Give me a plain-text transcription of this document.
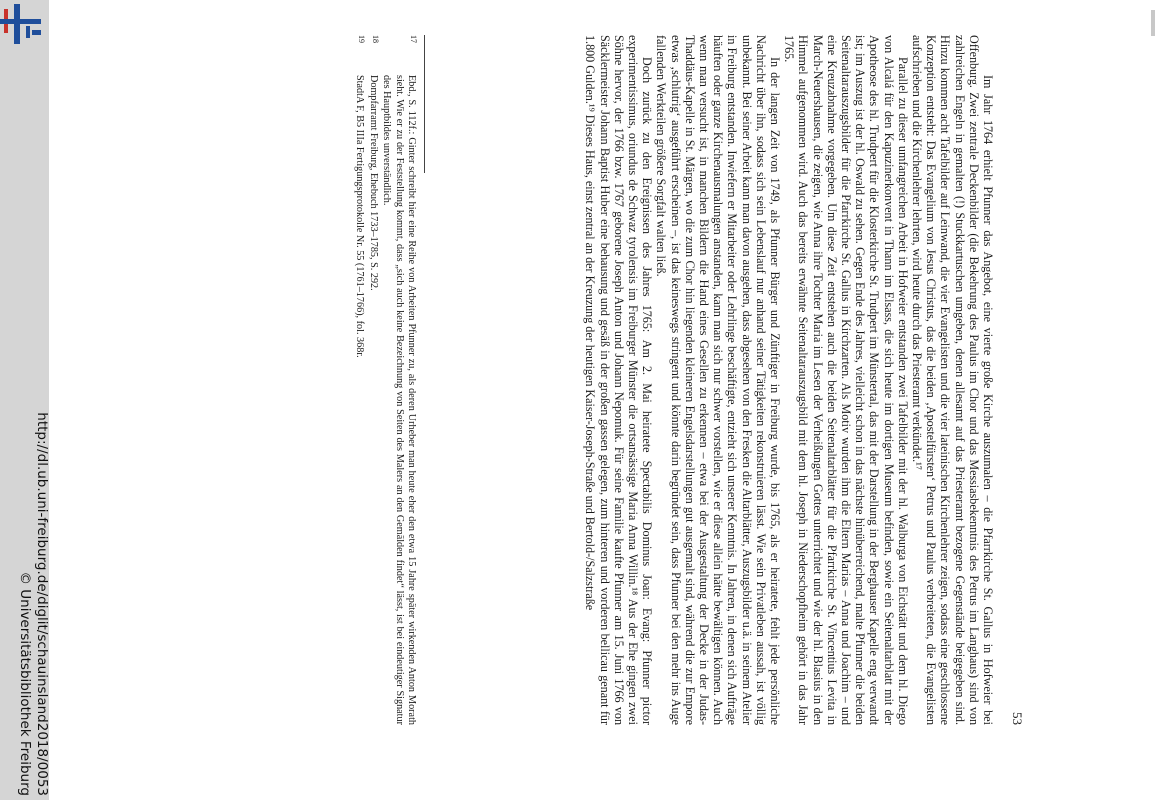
http://dl.ub.uni-freiburg.de/diglit/schauinsland2018/0053
© Universitätsbibliothek Freiburg	53

Im Jahr 1764 erhielt Pfunner das Angebot, eine vierte große Kirche auszumalen – die Pfarrkirche St. Gallus in Hofweier bei Offenburg. Zwei zentrale Deckenbilder (die Bekehrung des Paulus im Chor und das Messiasbekenntnis des Petrus im Langhaus) sind von zahlreichen Engeln in gemalten (!) Stuckkartuschen umgeben, denen allesamt auf das Priesteramt bezogene Gegenstände beigegeben sind. Hinzu kommen acht Tafelbilder auf Leinwand, die vier Evangelisten und die vier lateinischen Kirchenlehrer zeigen, sodass eine geschlossene Konzeption entsteht: Das Evangelium von Jesus Christus, das die beiden ‚Apostelfürsten‘ Petrus und Paulus verbreiteten, die Evangelisten aufschrieben und die Kirchenlehrer lehrten, wird heute durch das Priesteramt verkündet.¹⁷

Parallel zu dieser umfangreichen Arbeit in Hofweier entstanden zwei Tafelbilder mit der hl. Walburga von Eichstätt und dem hl. Diego von Alcalá für den Kapuzinerkonvent in Thann im Elsass, die sich heute im dortigen Museum befinden, sowie ein Seitenaltarblatt mit der Apotheose des hl. Trudpert für die Klosterkirche St. Trudpert im Münstertal, das mit der Darstellung in der Berghauser Kapelle eng verwandt ist; im Auszug ist der hl. Oswald zu sehen. Gegen Ende des Jahres, vielleicht schon in das nächste hinüberreichend, malte Pfunner die beiden Seitenaltarauszugsbilder für die Pfarrkirche St. Gallus in Kirchzarten. Als Motiv wurden ihm die Eltern Marias – Anna und Joachim – und eine Kreuzabnahme vorgegeben. Um diese Zeit entstehen auch die beiden Seitenaltarblätter für die Pfarrkirche St. Vincentius Levita in March-Neuershausen, die zeigen, wie Anna ihre Tochter Maria im Lesen der Verheißungen Gottes unterrichtet und wie der hl. Blasius in den Himmel aufgenommen wird. Auch das bereits erwähnte Seitenaltarauszugsbild mit dem hl. Joseph in Niederschopfheim gehört in das Jahr 1765.

In der langen Zeit von 1749, als Pfunner Bürger und Zünftiger in Freiburg wurde, bis 1765, als er heiratete, fehlt jede persönliche Nachricht über ihn, sodass sich sein Lebenslauf nur anhand seiner Tätigkeiten rekonstruieren lässt. Wie sein Privatleben aussah, ist völlig unbekannt. Bei seiner Arbeit kann man davon ausgehen, dass abgesehen von den Fresken die Altarblätter, Auszugsbilder u.ä. in seinem Atelier in Freiburg entstanden. Inwiefern er Mitarbeiter oder Lehrlinge beschäftigte, entzieht sich unserer Kenntnis. In Jahren, in denen sich Aufträge häuften oder ganze Kirchenausmalungen anstanden, kann man sich nur schwer vorstellen, wie er diese allein hätte bewältigen können. Auch wenn man versucht ist, in manchen Bildern die Hand eines Gesellen zu erkennen – etwa bei der Ausgestaltung der Decke in der Judas-Thaddäus-Kapelle in St. Märgen, wo die zum Chor hin liegenden kleineren Engelsdarstellungen gut ausgemalt sind, während die zur Empore etwas ‚schlutrig‘ ausgeführt erscheinen –, ist das keineswegs stringent und könnte darin begründet sein, dass Pfunner bei den mehr ins Auge fallenden Werkteilen größere Sorgfalt walten ließ.

Doch zurück zu den Ereignissen des Jahres 1765: Am 2. Mai heiratete Spectabilis Dominus Joan: Evang: Pfunner pictor experimentissimus, oriundus de Schwaz tyrolensis im Freiburger Münster die ortsansässige Maria Anna Willin.¹⁸ Aus der Ehe gingen zwei Söhne hervor, der 1766 bzw. 1767 geborene Joseph Anton und Johann Nepomuk. Für seine Familie kaufte Pfunner am 15. Juni 1766 von Säcklermeister Johann Baptist Huber eine behausung und gesäß in der großen gassen gelegen, zum hinteren und vorderen bellicau genant für 1.800 Gulden.¹⁹ Dieses Haus, einst zentral an der Kreuzung der heutigen Kaiser-Joseph-Straße und Bertold-/Salzstraße

17
Ebd., S. 112f.: Ginter schreibt hier eine Reihe von Arbeiten Pfunner zu, als deren Urheber man heute eher den etwa 15 Jahre später wirkenden Anton Morath sieht. Wie er zu der Feststellung kommt, dass „sich auch keine Bezeichnung von Seiten des Malers an den Gemälden findet“ lässt, ist bei eindeutiger Signatur des Hauptbildes unverständlich.
18
Dompfarramt Freiburg, Ehebuch 1733–1785, S. 292.
19
StadtA F, B5 IIIa Fertigungsprotokolle Nr. 55 (1761–1766), fol. 368r.
